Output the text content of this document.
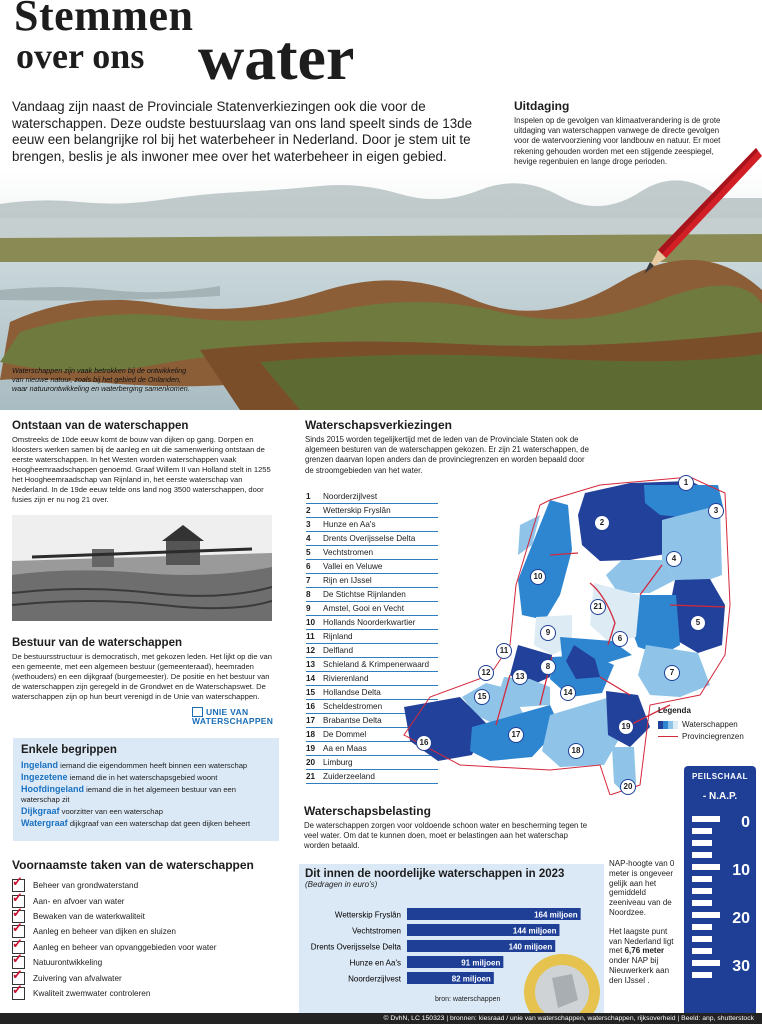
Stemmen
over ons water
Vandaag zijn naast de Provinciale Statenverkiezingen ook die voor de waterschappen. Deze oudste bestuurslaag van ons land speelt sinds de 13de eeuw een belangrijke rol bij het waterbeheer in Nederland. Door je stem uit te brengen, beslis je als inwoner mee over het waterbeheer in eigen gebied.
Uitdaging
Inspelen op de gevolgen van klimaatverandering is de grote uitdaging van waterschappen vanwege de directe gevolgen voor de watervoorziening voor landbouw en natuur. Er moet rekening gehouden worden met een stijgende zeespiegel, hevige regenbuien en lange droge perioden.
Waterschappen zijn vaak betrokken bij de ontwikkeling van nieuwe natuur, zoals bij het gebied de Onlanden, waar natuurontwikkeling en waterberging samenkomen.
Ontstaan van de waterschappen
Omstreeks de 10de eeuw komt de bouw van dijken op gang. Dorpen en kloosters werken samen bij de aanleg en uit die samenwerking ontstaan de eerste waterschappen. In het Westen worden waterschappen vaak Hoogheemraadschappen genoemd. Graaf Willem II van Holland stelt in 1255 het Hoogheemraadschap van Rijnland in, het eerste waterschap van Nederland. In de 19de eeuw telde ons land nog 3500 waterschappen, door fusies zijn er nu nog 21 over.
Bestuur van de waterschappen
De bestuursstructuur is democratisch, met gekozen leden. Het lijkt op die van een gemeente, met een algemeen bestuur (gemeenteraad), heemraden (wethouders) en een dijkgraaf (burgemeester). De positie en het bestuur van de waterschappen zijn geregeld in de Grondwet en de Waterschapswet. De waterschappen zijn op hun beurt verenigd in de Unie van waterschappen.
UNIE VAN
WATERSCHAPPEN
Enkele begrippen
Ingeland iemand die eigendommen heeft binnen een waterschap
Ingezetene iemand die in het waterschapsgebied woont
Hoofdingeland iemand die in het algemeen bestuur van een waterschap zit
Dijkgraaf voorzitter van een waterschap
Watergraaf dijkgraaf van een waterschap dat geen dijken beheert
Voornaamste taken van de waterschappen
✓ Beheer van grondwaterstand
✓ Aan- en afvoer van water
✓ Bewaken van de waterkwaliteit
✓ Aanleg en beheer van dijken en sluizen
✓ Aanleg en beheer van opvanggebieden voor water
✓ Natuurontwikkeling
✓ Zuivering van afvalwater
✓ Kwaliteit zwemwater controleren
Waterschapsverkiezingen
Sinds 2015 worden tegelijkertijd met de leden van de Provinciale Staten ook de algemeen besturen van de waterschappen gekozen. Er zijn 21 waterschappen, de grenzen daarvan lopen anders dan de provinciegrenzen en worden bepaald door de stroomgebieden van het water.
1	Noorderzijlvest
2	Wetterskip Fryslân
3	Hunze en Aa's
4	Drents Overijsselse Delta
5	Vechtstromen
6	Vallei en Veluwe
7	Rijn en IJssel
8	De Stichtse Rijnlanden
9	Amstel, Gooi en Vecht
10 Hollands Noorderkwartier
11	Rijnland
12 Delfland
13 Schieland & Krimpenerwaard
14 Rivierenland
15 Hollandse Delta
16 Scheldestromen
17 Brabantse Delta
18 De Dommel
19 Aa en Maas
20 Limburg
21 Zuiderzeeland
1
2
3
4
5
6
7
8
9
10
11
12	13
14
15
16
17
18
19
20
21
Legenda
Waterschappen
Provinciegrenzen
Waterschapsbelasting
De waterschappen zorgen voor voldoende schoon water en bescherming tegen te veel water. Om dat te kunnen doen, moet er belastingen aan het waterschap worden betaald.
Dit innen de noordelijke waterschappen in 2023
(Bedragen in euro's)
Wetterskip Fryslân	164 miljoen
Vechtstromen	144 miljoen
Drents Overijsselse Delta	140 miljoen
Hunze en Aa's	91 miljoen
Noorderzijlvest	82 miljoen
bron: waterschappen
NAP-hoogte van 0 meter is ongeveer gelijk aan het gemiddeld zeeniveau van de Noordzee.
Het laagste punt van Nederland ligt met 6,76 meter onder NAP bij Nieuwerkerk aan den IJssel .
PEILSCHAAL
- N.A.P.
0
10
20
30
© DvhN, LC 150323 | bronnen: kiesraad / unie van waterschappen, waterschappen, rijksoverheid | Beeld: anp, shutterstock
